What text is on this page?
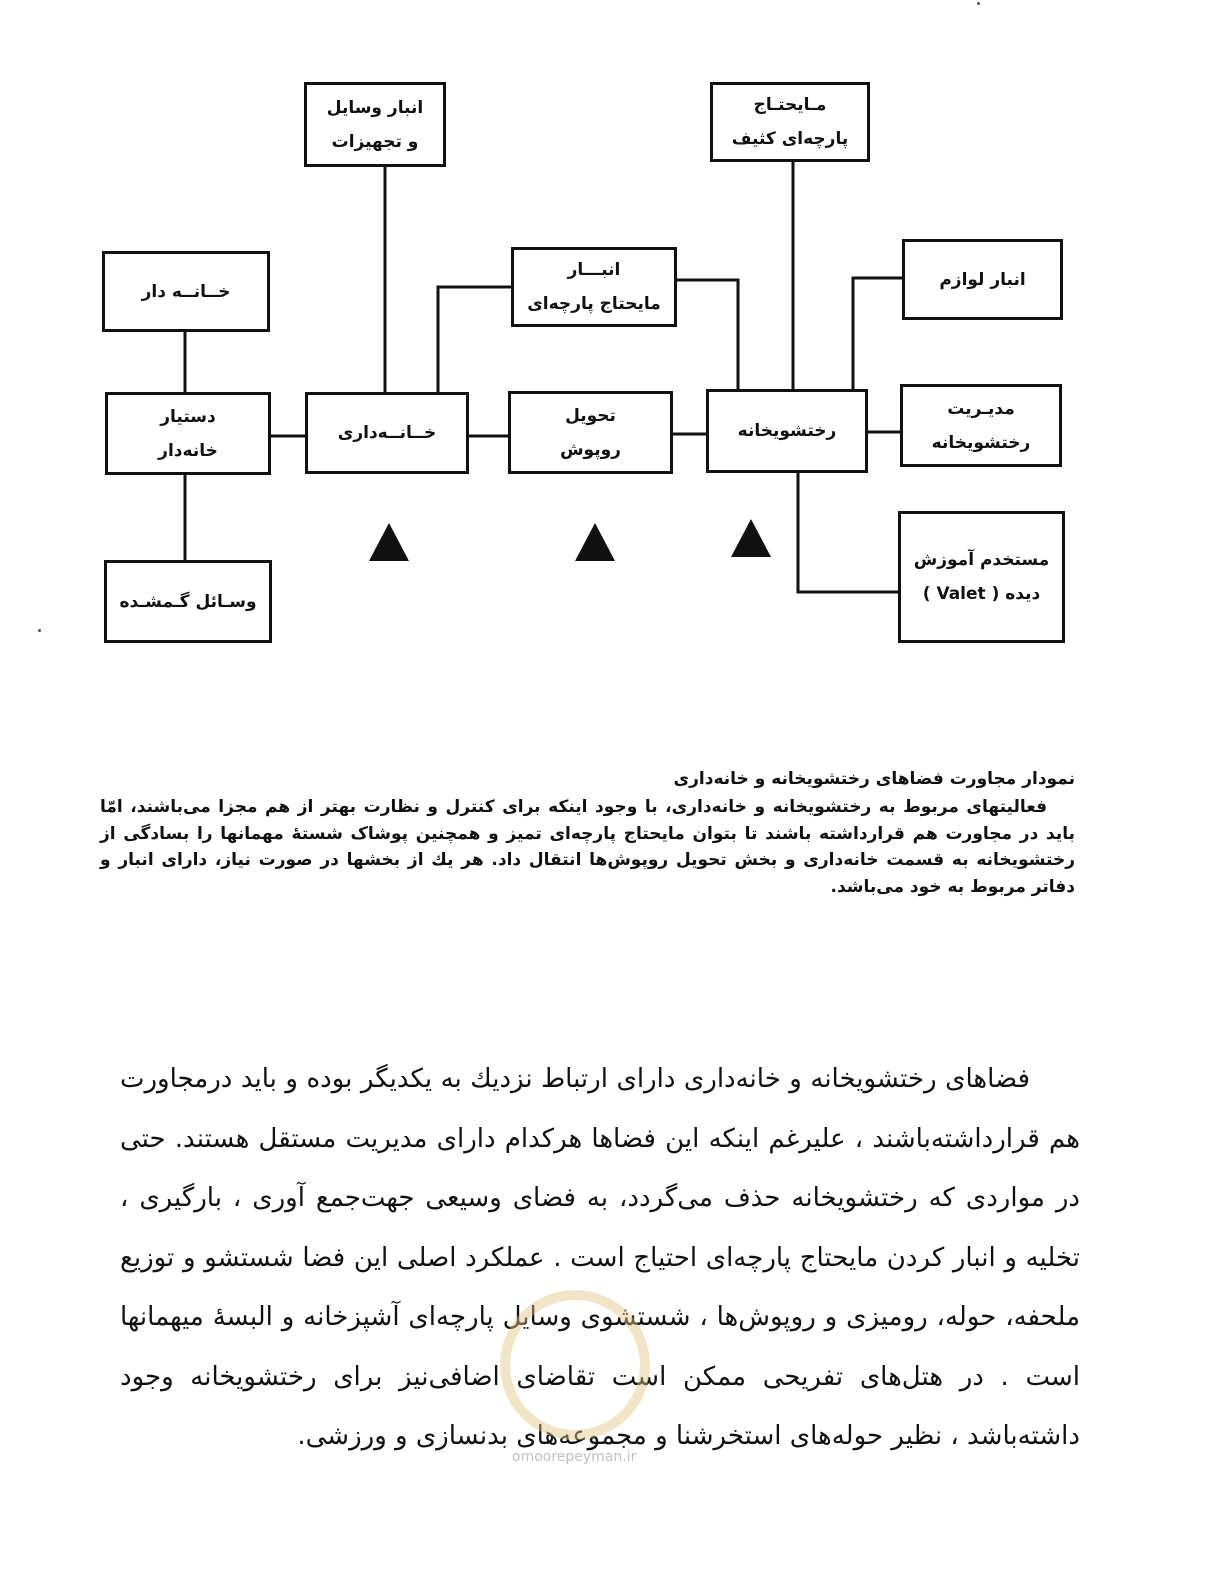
انبار وسایل
و تجهیزات
مـایحتـاج
پارچه‌ای کثیف
انبـــار
مایحتاج پارچه‌ای
خــانــه دار
انبار لوازم
دستیار
خانه‌دار
خــانــه‌داری
تحویل
روپوش
رختشویخانه
مدیـریت
رختشویخانه
وسـائل گـمشـده
مستخدم آموزش
دیده ( Valet )
نمودار مجاورت فضاهای رختشویخانه و خانه‌داری
فعالیتهای مربوط به رختشویخانه و خانه‌داری، با وجود اینکه برای کنترل و نظارت بهتر از هم مجزا می‌باشند، امّا باید در مجاورت هم قرارداشته باشند تا بتوان مایحتاج پارچه‌ای تمیز و همچنین پوشاک شستهٔ مهمانها را بسادگی از رختشویخانه به قسمت خانه‌داری و بخش تحویل روپوش‌ها انتقال داد. هر یك از بخشها در صورت نیاز، دارای انبار و دفاتر مربوط به خود می‌باشد.
فضاهای رختشویخانه و خانه‌داری دارای ارتباط نزدیك به یکدیگر بوده و باید درمجاورت هم قرارداشته‌باشند ، علیرغم اینکه این فضاها هرکدام دارای مدیریت مستقل هستند. حتی در مواردی که رختشویخانه حذف می‌گردد، به فضای وسیعی جهت‌جمع آوری ، بارگیری ، تخلیه و انبار کردن مایحتاج پارچه‌ای احتیاج است . عملکرد اصلی این فضا شستشو و توزیع ملحفه، حوله، رومیزی و روپوش‌ها ، شستشوی وسایل پارچه‌ای آشپزخانه و البسهٔ میهمانها است . در هتل‌های تفریحی ممکن است تقاضای اضافی‌نیز برای رختشویخانه وجود داشته‌باشد ، نظیر حوله‌های استخرشنا و مجموعه‌های بدنسازی و ورزشی.
omoorepeyman.ir
